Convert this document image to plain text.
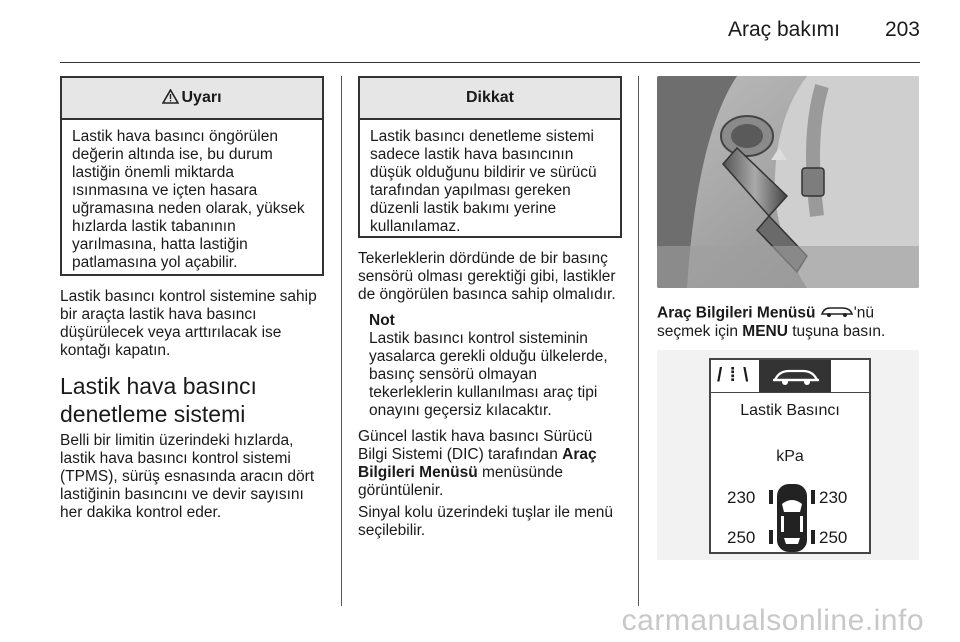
Araç bakımı 203
Uyarı
Lastik hava basıncı öngörülen
değerin altında ise, bu durum
lastiğin önemli miktarda
ısınmasına ve içten hasara
uğramasına neden olarak, yüksek
hızlarda lastik tabanının
yarılmasına, hatta lastiğin
patlamasına yol açabilir.
Lastik basıncı kontrol sistemine sahip
bir araçta lastik hava basıncı
düşürülecek veya arttırılacak ise
kontağı kapatın.
Lastik hava basıncı
denetleme sistemi
Belli bir limitin üzerindeki hızlarda,
lastik hava basıncı kontrol sistemi
(TPMS), sürüş esnasında aracın dört
lastiğinin basıncını ve devir sayısını
her dakika kontrol eder.
Dikkat
Lastik basıncı denetleme sistemi
sadece lastik hava basıncının
düşük olduğunu bildirir ve sürücü
tarafından yapılması gereken
düzenli lastik bakımı yerine
kullanılamaz.
Tekerleklerin dördünde de bir basınç
sensörü olması gerektiği gibi, lastikler
de öngörülen basınca sahip olmalıdır.
Not
Lastik basıncı kontrol sisteminin
yasalarca gerekli olduğu ülkelerde,
basınç sensörü olmayan
tekerleklerin kullanılması araç tipi
onayını geçersiz kılacaktır.
Güncel lastik hava basıncı Sürücü
Bilgi Sistemi (DIC) tarafından Araç
Bilgileri Menüsü menüsünde
görüntülenir.
Sinyal kolu üzerindeki tuşlar ile menü
seçilebilir.
Araç Bilgileri Menüsü 'nü
seçmek için MENU tuşuna basın.
/ ⁞ \
Lastik Basıncı
kPa
230	230
250	250
carmanualsonline.info
